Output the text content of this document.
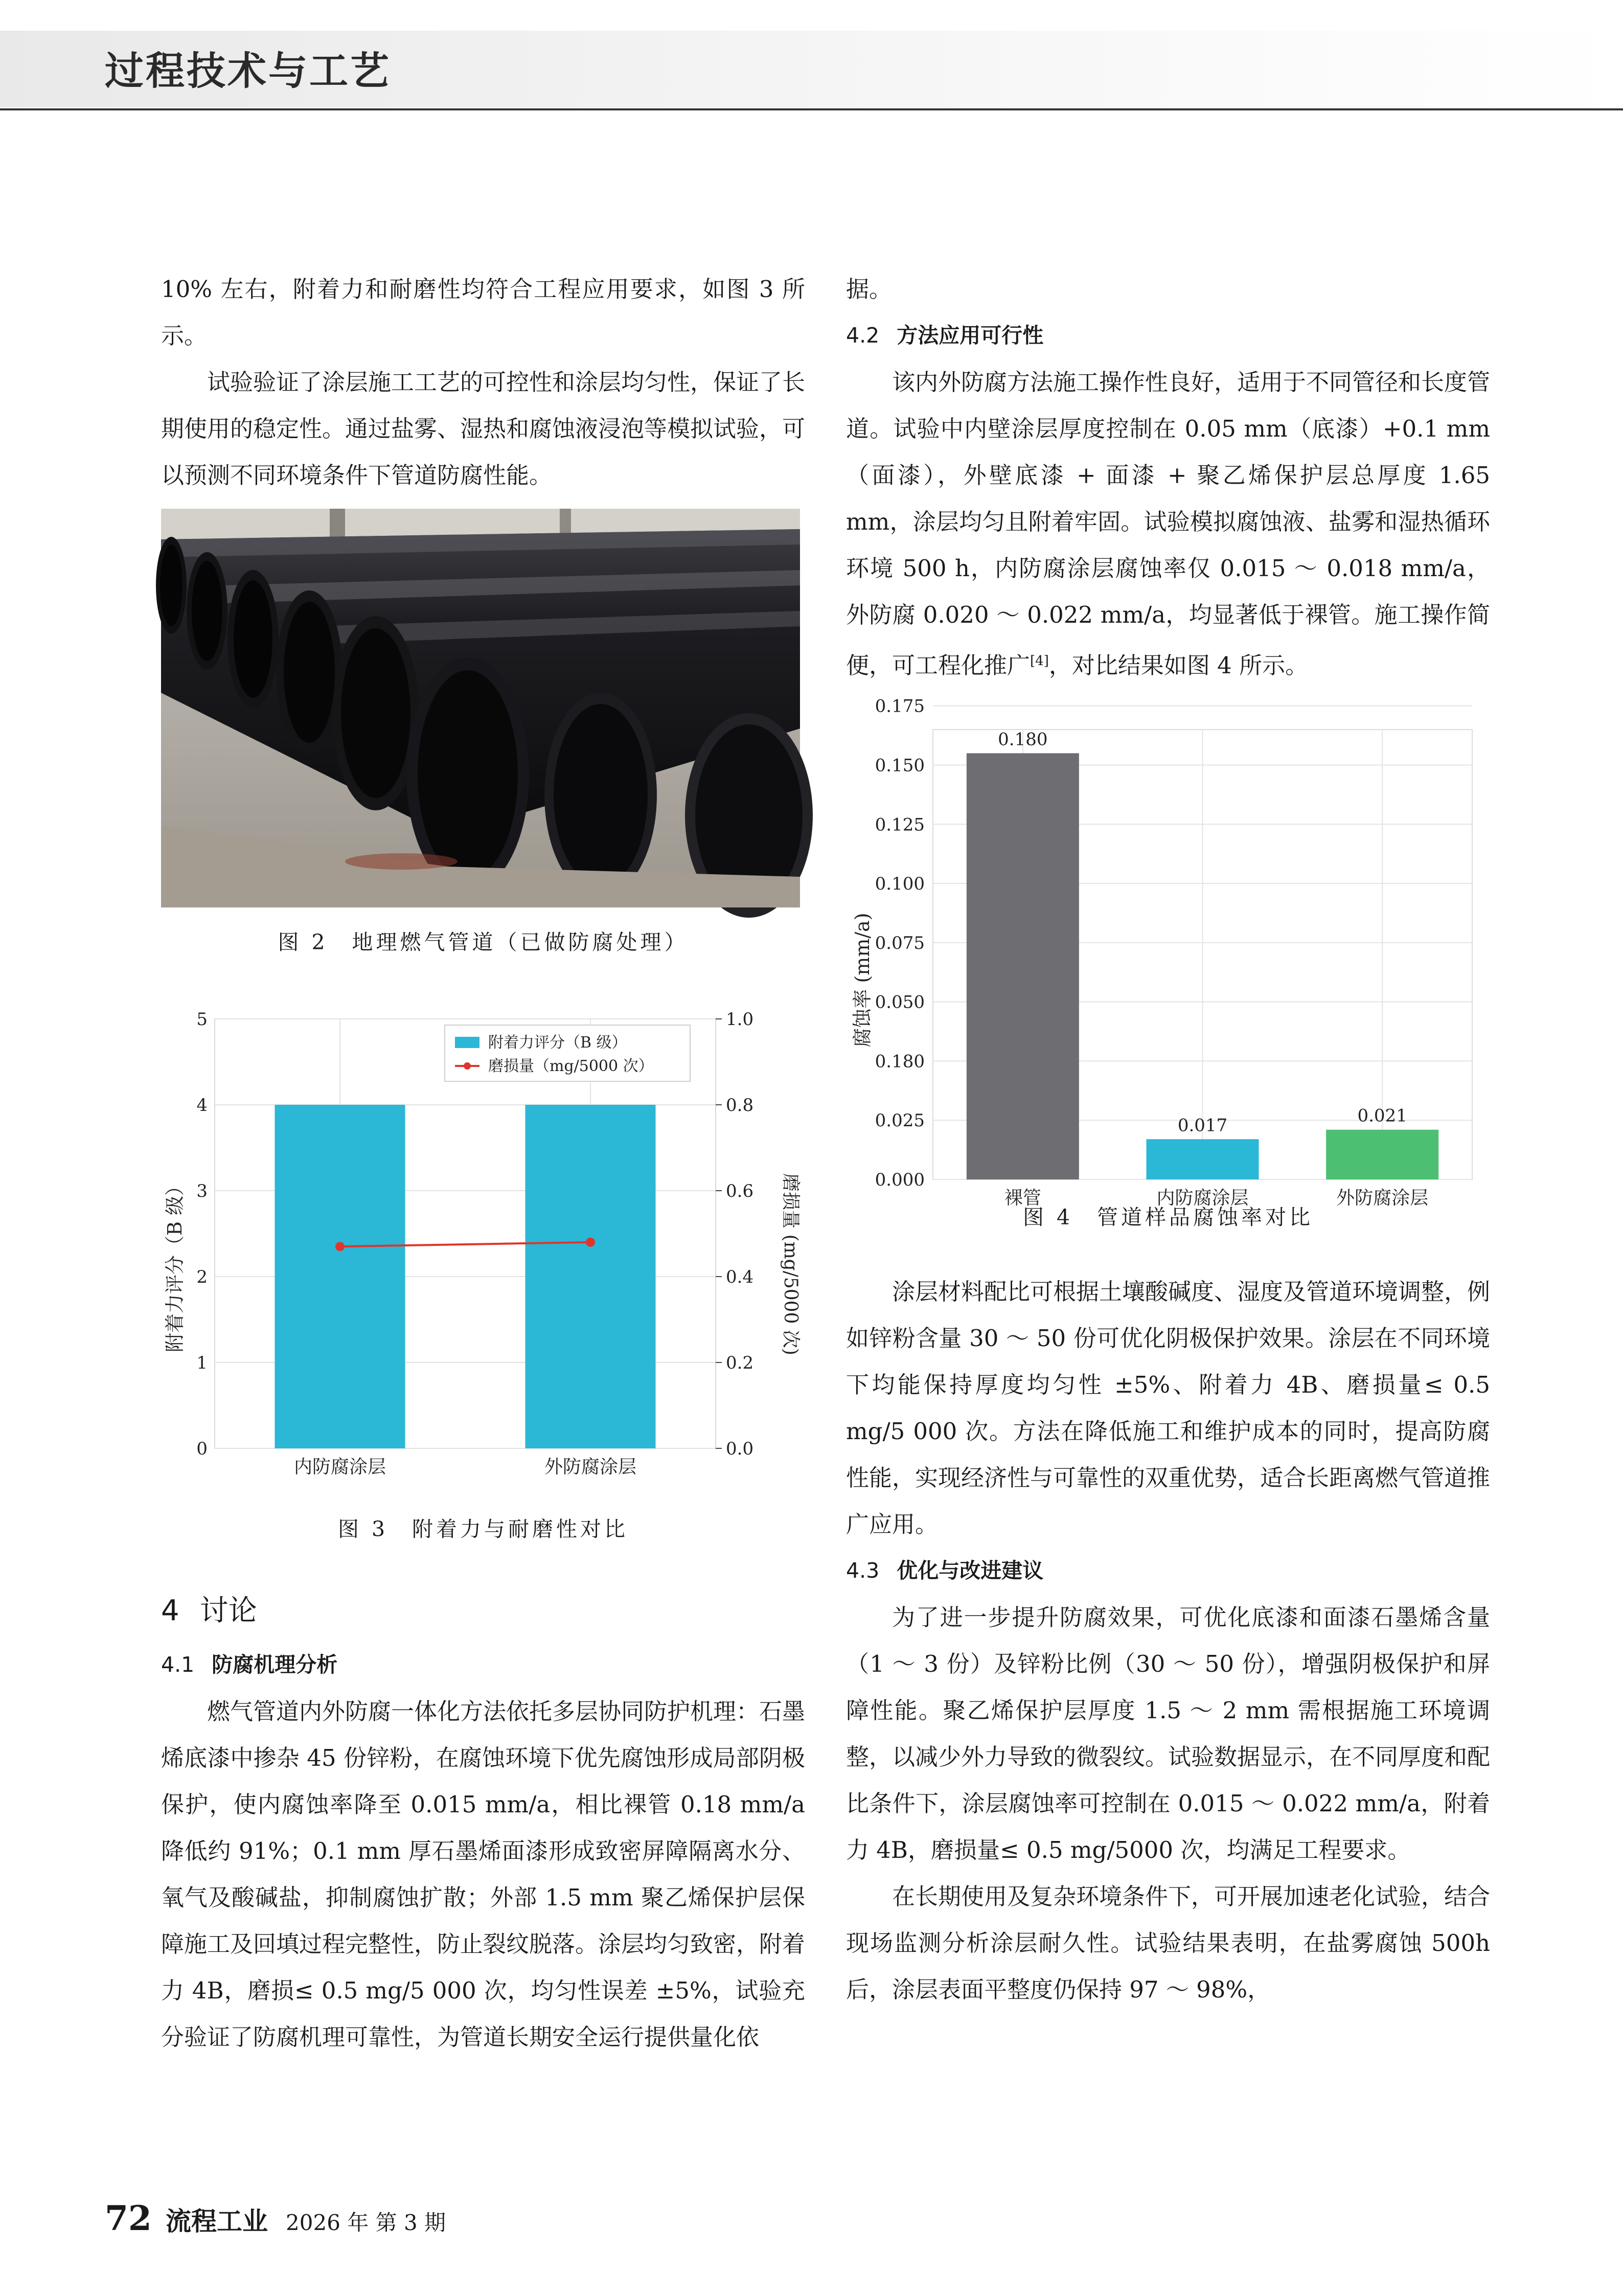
过程技术与工艺

10% 左右，附着力和耐磨性均符合工程应用要求，如图 3 所示。

试验验证了涂层施工工艺的可控性和涂层均匀性，保证了长期使用的稳定性。通过盐雾、湿热和腐蚀液浸泡等模拟试验，可以预测不同环境条件下管道防腐性能。

图 2　地理燃气管道（已做防腐处理）
0
1
2
3
4
5
0.0
0.2
0.4
0.6
0.8
1.0
内防腐涂层	外防腐涂层
附着力评分（B 级）	磨损量 (mg/5000 次)
附着力评分（B 级）
磨损量（mg/5000 次）
图 3　附着力与耐磨性对比
4 讨论
4.1 防腐机理分析

燃气管道内外防腐一体化方法依托多层协同防护机理：石墨烯底漆中掺杂 45 份锌粉，在腐蚀环境下优先腐蚀形成局部阴极保护，使内腐蚀率降至 0.015 mm/a，相比裸管 0.18 mm/a 降低约 91%；0.1 mm 厚石墨烯面漆形成致密屏障隔离水分、氧气及酸碱盐，抑制腐蚀扩散；外部 1.5 mm 聚乙烯保护层保障施工及回填过程完整性，防止裂纹脱落。涂层均匀致密，附着力 4B，磨损≤ 0.5 mg/5 000 次，均匀性误差 ±5%，试验充分验证了防腐机理可靠性，为管道长期安全运行提供量化依

据。

4.2 方法应用可行性

该内外防腐方法施工操作性良好，适用于不同管径和长度管道。试验中内壁涂层厚度控制在 0.05 mm（底漆）+0.1 mm（面漆），外壁底漆 + 面漆 + 聚乙烯保护层总厚度 1.65 mm，涂层均匀且附着牢固。试验模拟腐蚀液、盐雾和湿热循环环境 500 h，内防腐涂层腐蚀率仅 0.015 ～ 0.018 mm/a，外防腐 0.020 ～ 0.022 mm/a，均显著低于裸管。施工操作简便，可工程化推广[4]，对比结果如图 4 所示。

0.000
0.025
0.180
0.050
0.075
0.100
0.125
0.150
0.175
裸管	内防腐涂层	外防腐涂层
0.180
0.017	0.021
腐蚀率 (mm/a)
图 4　管道样品腐蚀率对比

涂层材料配比可根据土壤酸碱度、湿度及管道环境调整，例如锌粉含量 30 ～ 50 份可优化阴极保护效果。涂层在不同环境下均能保持厚度均匀性 ±5%、附着力 4B、磨损量≤ 0.5 mg/5 000 次。方法在降低施工和维护成本的同时，提高防腐性能，实现经济性与可靠性的双重优势，适合长距离燃气管道推广应用。

4.3 优化与改进建议

为了进一步提升防腐效果，可优化底漆和面漆石墨烯含量（1 ～ 3 份）及锌粉比例（30 ～ 50 份），增强阴极保护和屏障性能。聚乙烯保护层厚度 1.5 ～ 2 mm 需根据施工环境调整，以减少外力导致的微裂纹。试验数据显示，在不同厚度和配比条件下，涂层腐蚀率可控制在 0.015 ～ 0.022 mm/a，附着力 4B，磨损量≤ 0.5 mg/5000 次，均满足工程要求。

在长期使用及复杂环境条件下，可开展加速老化试验，结合现场监测分析涂层耐久性。试验结果表明，在盐雾腐蚀 500h 后，涂层表面平整度仍保持 97 ～ 98%，

72 流程工业 2026 年 第 3 期
